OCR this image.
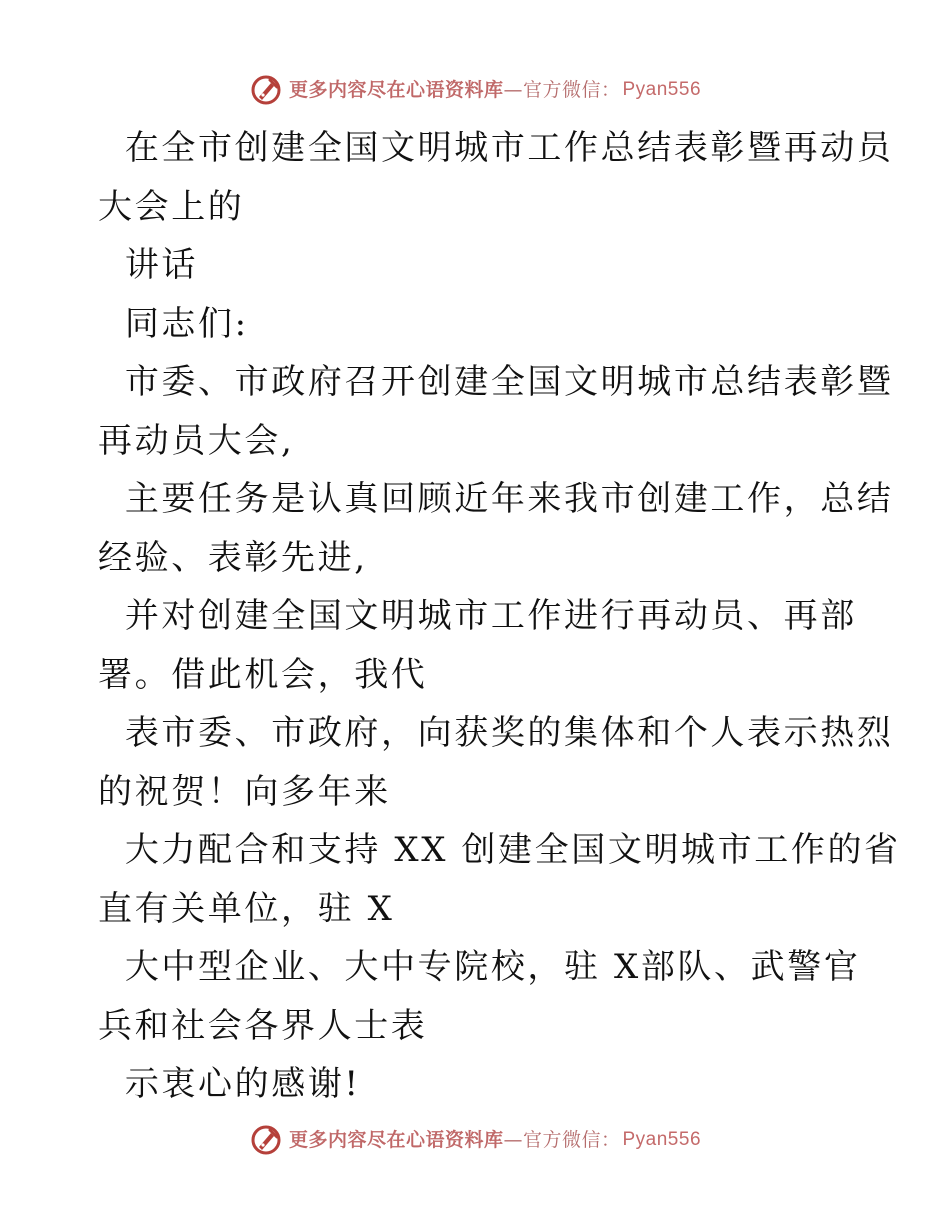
更多内容尽在心语资料库 — 官方微信： Pyan556

在全市创建全国文明城市工作总结表彰暨再动员

大会上的

讲话

同志们:

市委、市政府召开创建全国文明城市总结表彰暨

再动员大会,

主要任务是认真回顾近年来我市创建工作，总结

经验、表彰先进,

并对创建全国文明城市工作进行再动员、再部

署。借此机会，我代

表市委、市政府，向获奖的集体和个人表示热烈

的祝贺！向多年来

大力配合和支持 XX 创建全国文明城市工作的省

直有关单位，驻 X

大中型企业、大中专院校，驻 X部队、武警官

兵和社会各界人士表

示衷心的感谢!

更多内容尽在心语资料库 — 官方微信： Pyan556
